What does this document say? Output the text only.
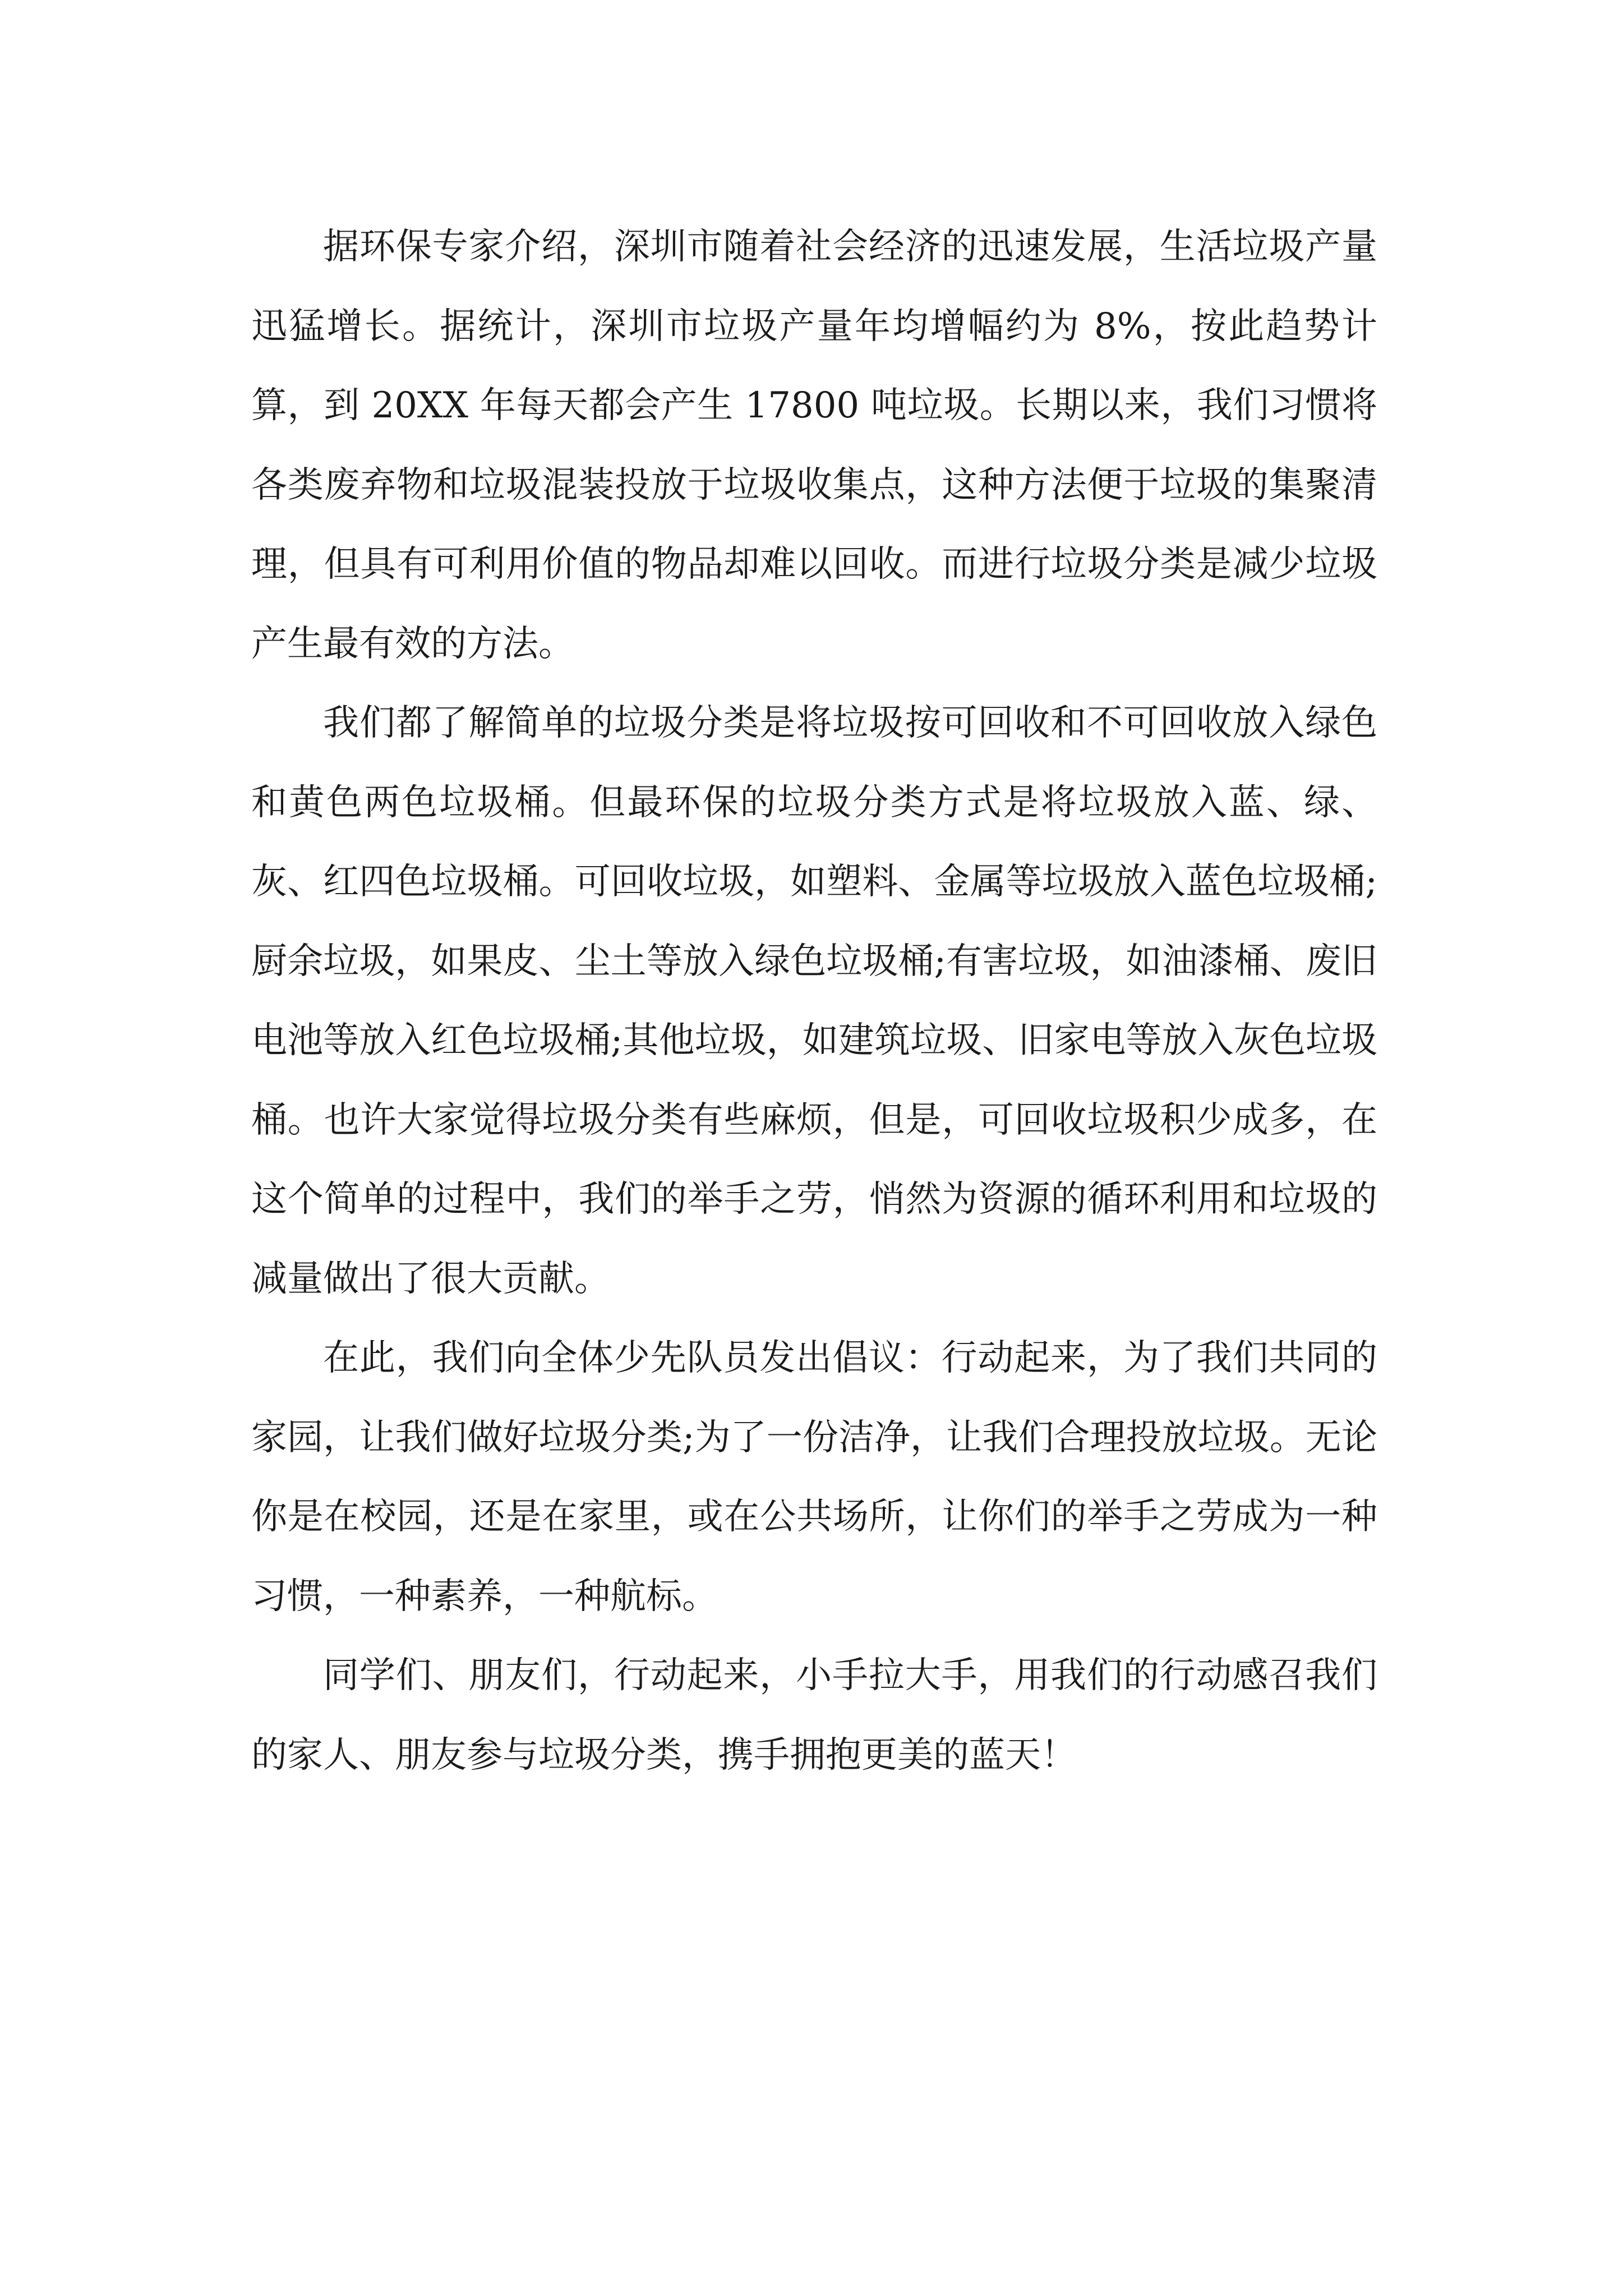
据环保专家介绍，深圳市随着社会经济的迅速发展，生活垃圾产量迅猛增长。据统计，深圳市垃圾产量年均增幅约为 8%，按此趋势计算，到 20XX 年每天都会产生 17800 吨垃圾。长期以来，我们习惯将各类废弃物和垃圾混装投放于垃圾收集点，这种方法便于垃圾的集聚清理，但具有可利用价值的物品却难以回收。而进行垃圾分类是减少垃圾产生最有效的方法。

我们都了解简单的垃圾分类是将垃圾按可回收和不可回收放入绿色和黄色两色垃圾桶。但最环保的垃圾分类方式是将垃圾放入蓝、绿、灰、红四色垃圾桶。可回收垃圾，如塑料、金属等垃圾放入蓝色垃圾桶;厨余垃圾，如果皮、尘土等放入绿色垃圾桶;有害垃圾，如油漆桶、废旧电池等放入红色垃圾桶;其他垃圾，如建筑垃圾、旧家电等放入灰色垃圾桶。也许大家觉得垃圾分类有些麻烦，但是，可回收垃圾积少成多，在这个简单的过程中，我们的举手之劳，悄然为资源的循环利用和垃圾的减量做出了很大贡献。

在此，我们向全体少先队员发出倡议：行动起来，为了我们共同的家园，让我们做好垃圾分类;为了一份洁净，让我们合理投放垃圾。无论你是在校园，还是在家里，或在公共场所，让你们的举手之劳成为一种习惯，一种素养，一种航标。

同学们、朋友们，行动起来，小手拉大手，用我们的行动感召我们的家人、朋友参与垃圾分类，携手拥抱更美的蓝天！
